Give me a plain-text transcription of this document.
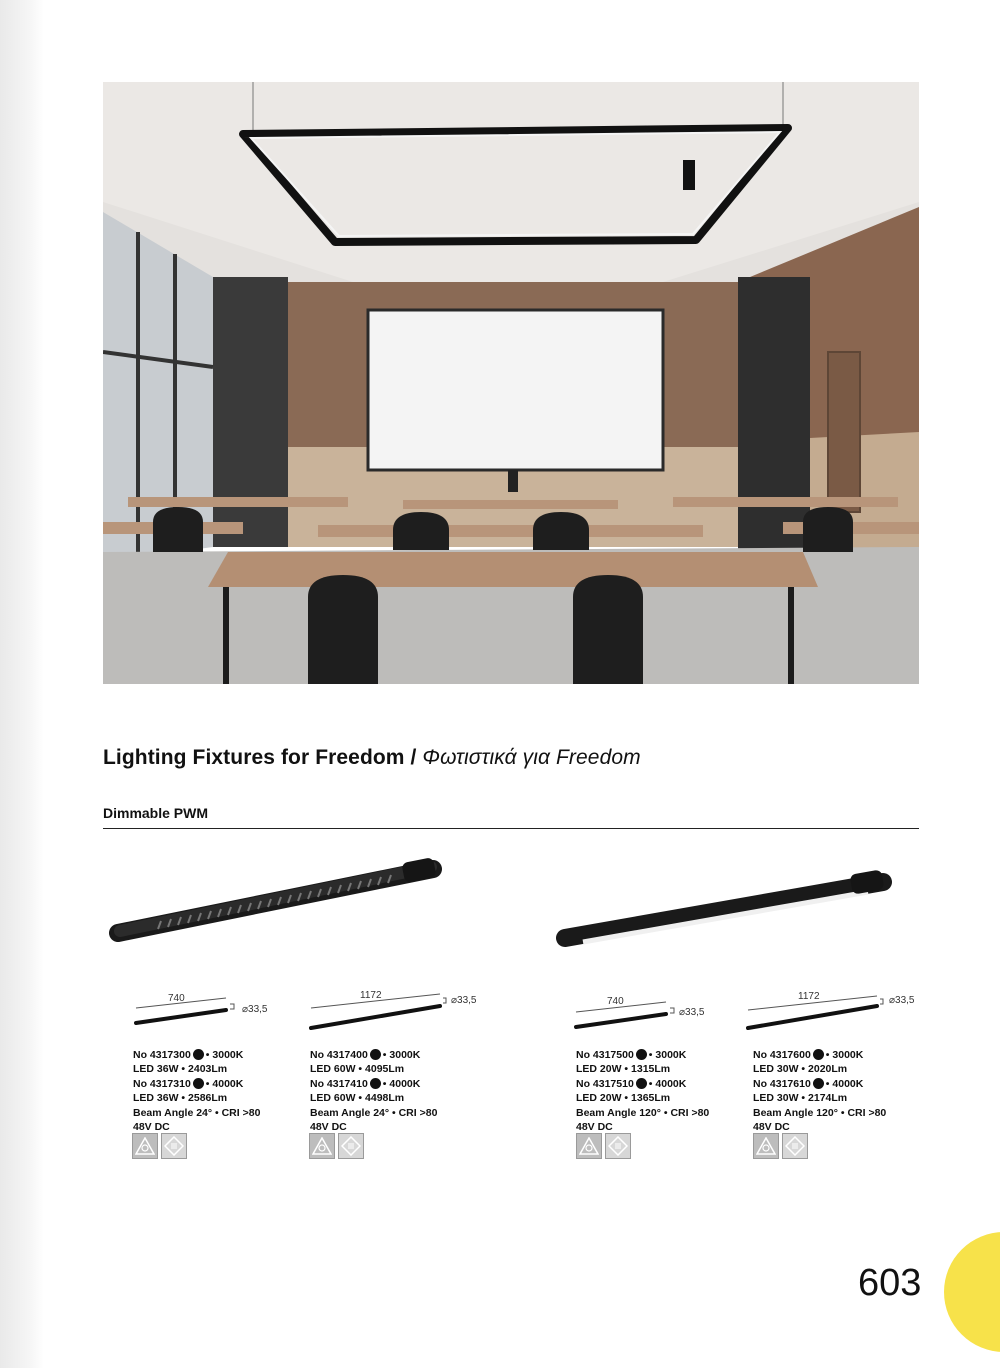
Lighting Fixtures for Freedom / Φωτιστικά για Freedom
Dimmable PWM
740
⌀33,5
1172	⌀33,5	740
⌀33,5
1172	⌀33,5
No 4317300 • 3000K
LED 36W • 2403Lm
No 4317310 • 4000K
LED 36W • 2586Lm
Beam Angle 24° • CRI >80
48V DC
No 4317400 • 3000K
LED 60W • 4095Lm
No 4317410 • 4000K
LED 60W • 4498Lm
Beam Angle 24° • CRI >80
48V DC
No 4317500 • 3000K
LED 20W • 1315Lm
No 4317510 • 4000K
LED 20W • 1365Lm
Beam Angle 120° • CRI >80
48V DC
No 4317600 • 3000K
LED 30W • 2020Lm
No 4317610 • 4000K
LED 30W • 2174Lm
Beam Angle 120° • CRI >80
48V DC
603
